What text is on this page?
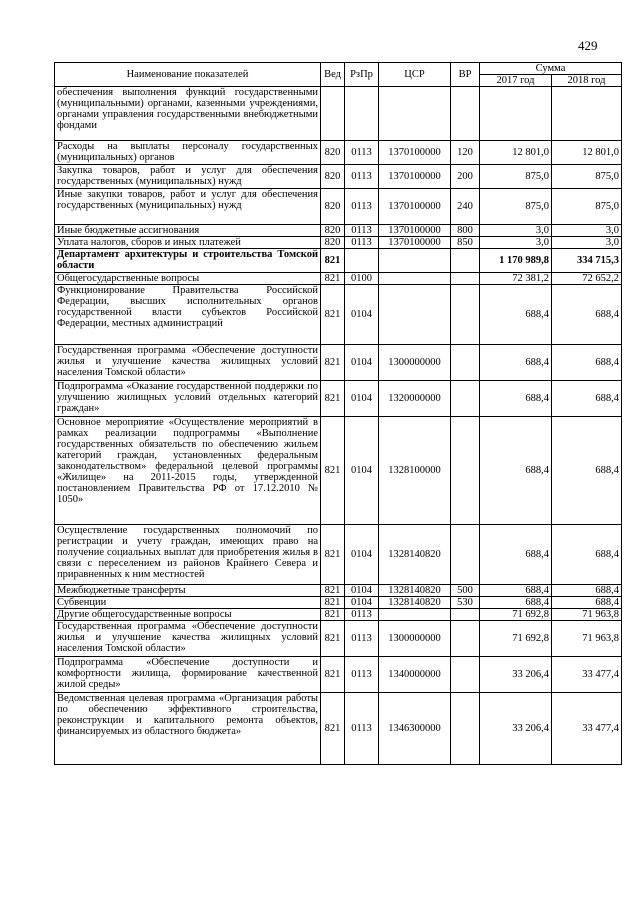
429
Наименование показателей	Вед	РзПр	ЦСР	ВР	Сумма	
					2017 год	2018 год
обеспечения выполнения функций государственными (муниципальными) органами, казенными учреждениями, органами управления государственными внебюджетными фондами						
Расходы на выплаты персоналу государственных (муниципальных) органов	820	0113	1370100000	120	12 801,0	12 801,0
Закупка товаров, работ и услуг для обеспечения государственных (муниципальных) нужд	820	0113	1370100000	200	875,0	875,0
Иные закупки товаров, работ и услуг для обеспечения государственных (муниципальных) нужд	820	0113	1370100000	240	875,0	875,0
Иные бюджетные ассигнования	820	0113	1370100000	800	3,0	3,0
Уплата налогов, сборов и иных платежей	820	0113	1370100000	850	3,0	3,0
Департамент архитектуры и строительства Томской области	821				1 170 989,8	334 715,3
Общегосударственные вопросы	821	0100			72 381,2	72 652,2
Функционирование Правительства Российской Федерации, высших исполнительных органов государственной власти субъектов Российской Федерации, местных администраций	821	0104			688,4	688,4
Государственная программа «Обеспечение доступности жилья и улучшение качества жилищных условий населения Томской области»	821	0104	1300000000		688,4	688,4
Подпрограмма «Оказание государственной поддержки по улучшению жилищных условий отдельных категорий граждан»	821	0104	1320000000		688,4	688,4
Основное мероприятие «Осуществление мероприятий в рамках реализации подпрограммы «Выполнение государственных обязательств по обеспечению жильем категорий граждан, установленных федеральным законодательством» федеральной целевой программы «Жилище» на 2011-2015 годы, утвержденной постановлением Правительства РФ от 17.12.2010 № 1050»	821	0104	1328100000		688,4	688,4
Осуществление государственных полномочий по регистрации и учету граждан, имеющих право на получение социальных выплат для приобретения жилья в связи с переселением из районов Крайнего Севера и приравненных к ним местностей	821	0104	1328140820		688,4	688,4
Межбюджетные трансферты	821	0104	1328140820	500	688,4	688,4
Субвенции	821	0104	1328140820	530	688,4	688,4
Другие общегосударственные вопросы	821	0113			71 692,8	71 963,8
Государственная программа «Обеспечение доступности жилья и улучшение качества жилищных условий населения Томской области»	821	0113	1300000000		71 692,8	71 963,8
Подпрограмма «Обеспечение доступности и комфортности жилища, формирование качественной жилой среды»	821	0113	1340000000		33 206,4	33 477,4
Ведомственная целевая программа «Организация работы по обеспечению эффективного строительства, реконструкции и капитального ремонта объектов, финансируемых из областного бюджета»	821	0113	1346300000		33 206,4	33 477,4
